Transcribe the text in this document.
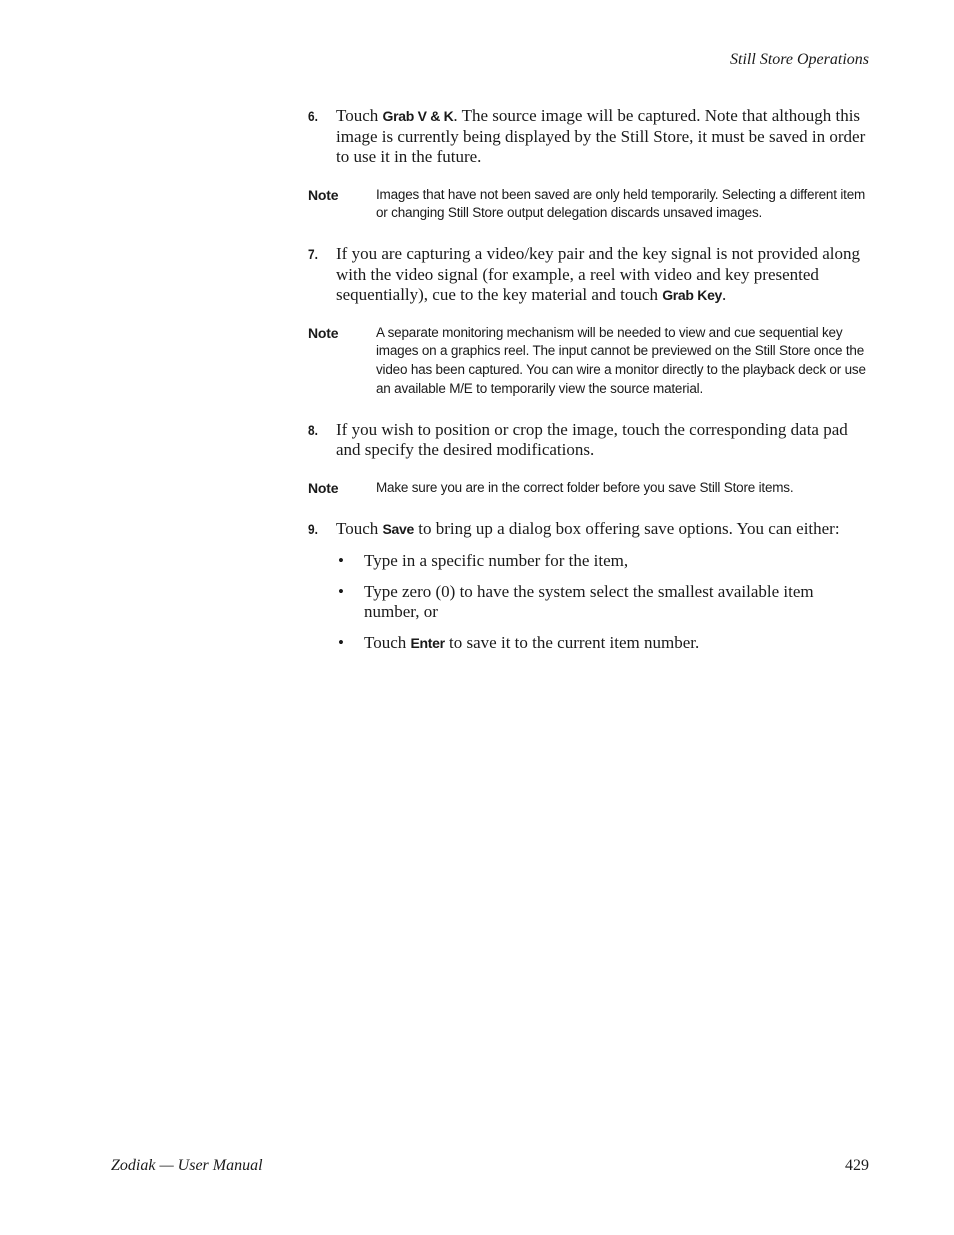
Still Store Operations
6. Touch Grab V & K. The source image will be captured. Note that although this image is currently being displayed by the Still Store, it must be saved in order to use it in the future.
Note	Images that have not been saved are only held temporarily. Selecting a different item or changing Still Store output delegation discards unsaved images.
7. If you are capturing a video/key pair and the key signal is not provided along with the video signal (for example, a reel with video and key presented sequentially), cue to the key material and touch Grab Key.
Note	A separate monitoring mechanism will be needed to view and cue sequential key images on a graphics reel. The input cannot be previewed on the Still Store once the video has been captured. You can wire a monitor directly to the playback deck or use an available M/E to temporarily view the source material.
8. If you wish to position or crop the image, touch the corresponding data pad and specify the desired modifications.
Note	Make sure you are in the correct folder before you save Still Store items.
9. Touch Save to bring up a dialog box offering save options. You can either:
• Type in a specific number for the item,
• Type zero (0) to have the system select the smallest available item number, or
• Touch Enter to save it to the current item number.
Zodiak — User Manual	429
